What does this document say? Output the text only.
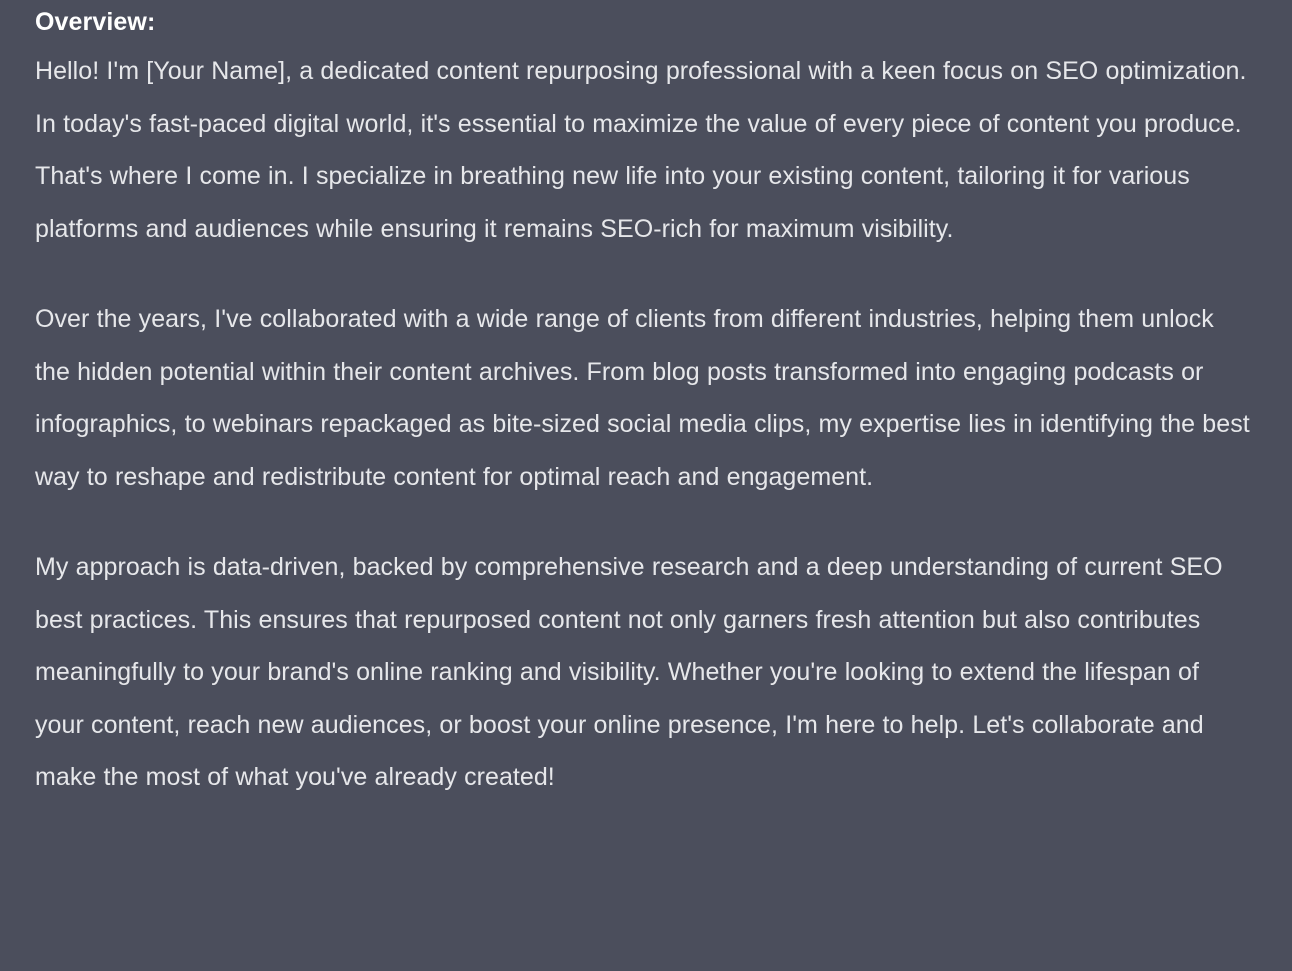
Overview:

Hello! I'm [Your Name], a dedicated content repurposing professional with a keen focus on SEO optimization. In today's fast-paced digital world, it's essential to maximize the value of every piece of content you produce. That's where I come in. I specialize in breathing new life into your existing content, tailoring it for various platforms and audiences while ensuring it remains SEO-rich for maximum visibility.

Over the years, I've collaborated with a wide range of clients from different industries, helping them unlock the hidden potential within their content archives. From blog posts transformed into engaging podcasts or infographics, to webinars repackaged as bite-sized social media clips, my expertise lies in identifying the best way to reshape and redistribute content for optimal reach and engagement.

My approach is data-driven, backed by comprehensive research and a deep understanding of current SEO best practices. This ensures that repurposed content not only garners fresh attention but also contributes meaningfully to your brand's online ranking and visibility. Whether you're looking to extend the lifespan of your content, reach new audiences, or boost your online presence, I'm here to help. Let's collaborate and make the most of what you've already created!
